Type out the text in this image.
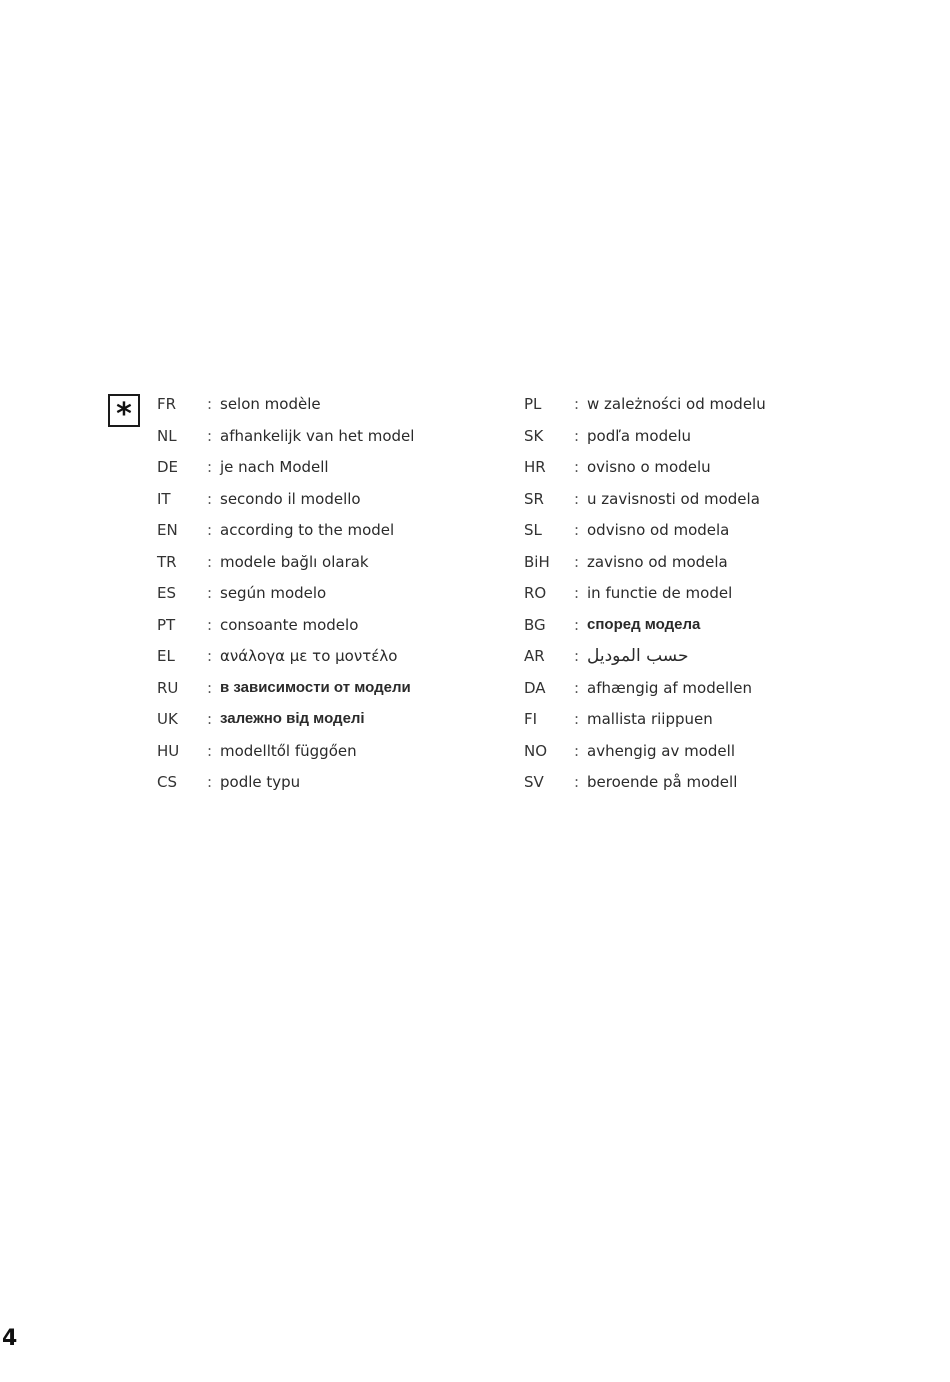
* FR : selon modèle
NL : afhankelijk van het model
DE : je nach Modell
IT : secondo il modello
EN : according to the model
TR : modele bağlı olarak
ES : según modelo
PT : consoante modelo
EL : ανάλογα με το μοντέλο
RU : в зависимости от модели
UK : залежно від моделі
HU : modelltől függően
CS : podle typu
PL : w zależności od modelu
SK : podľa modelu
HR : ovisno o modelu
SR : u zavisnosti od modela
SL : odvisno od modela
BiH : zavisno od modela
RO : in functie de model
BG : според модела
AR : حسب الموديل
DA : afhængig af modellen
FI : mallista riippuen
NO : avhengig av modell
SV : beroende på modell
4
